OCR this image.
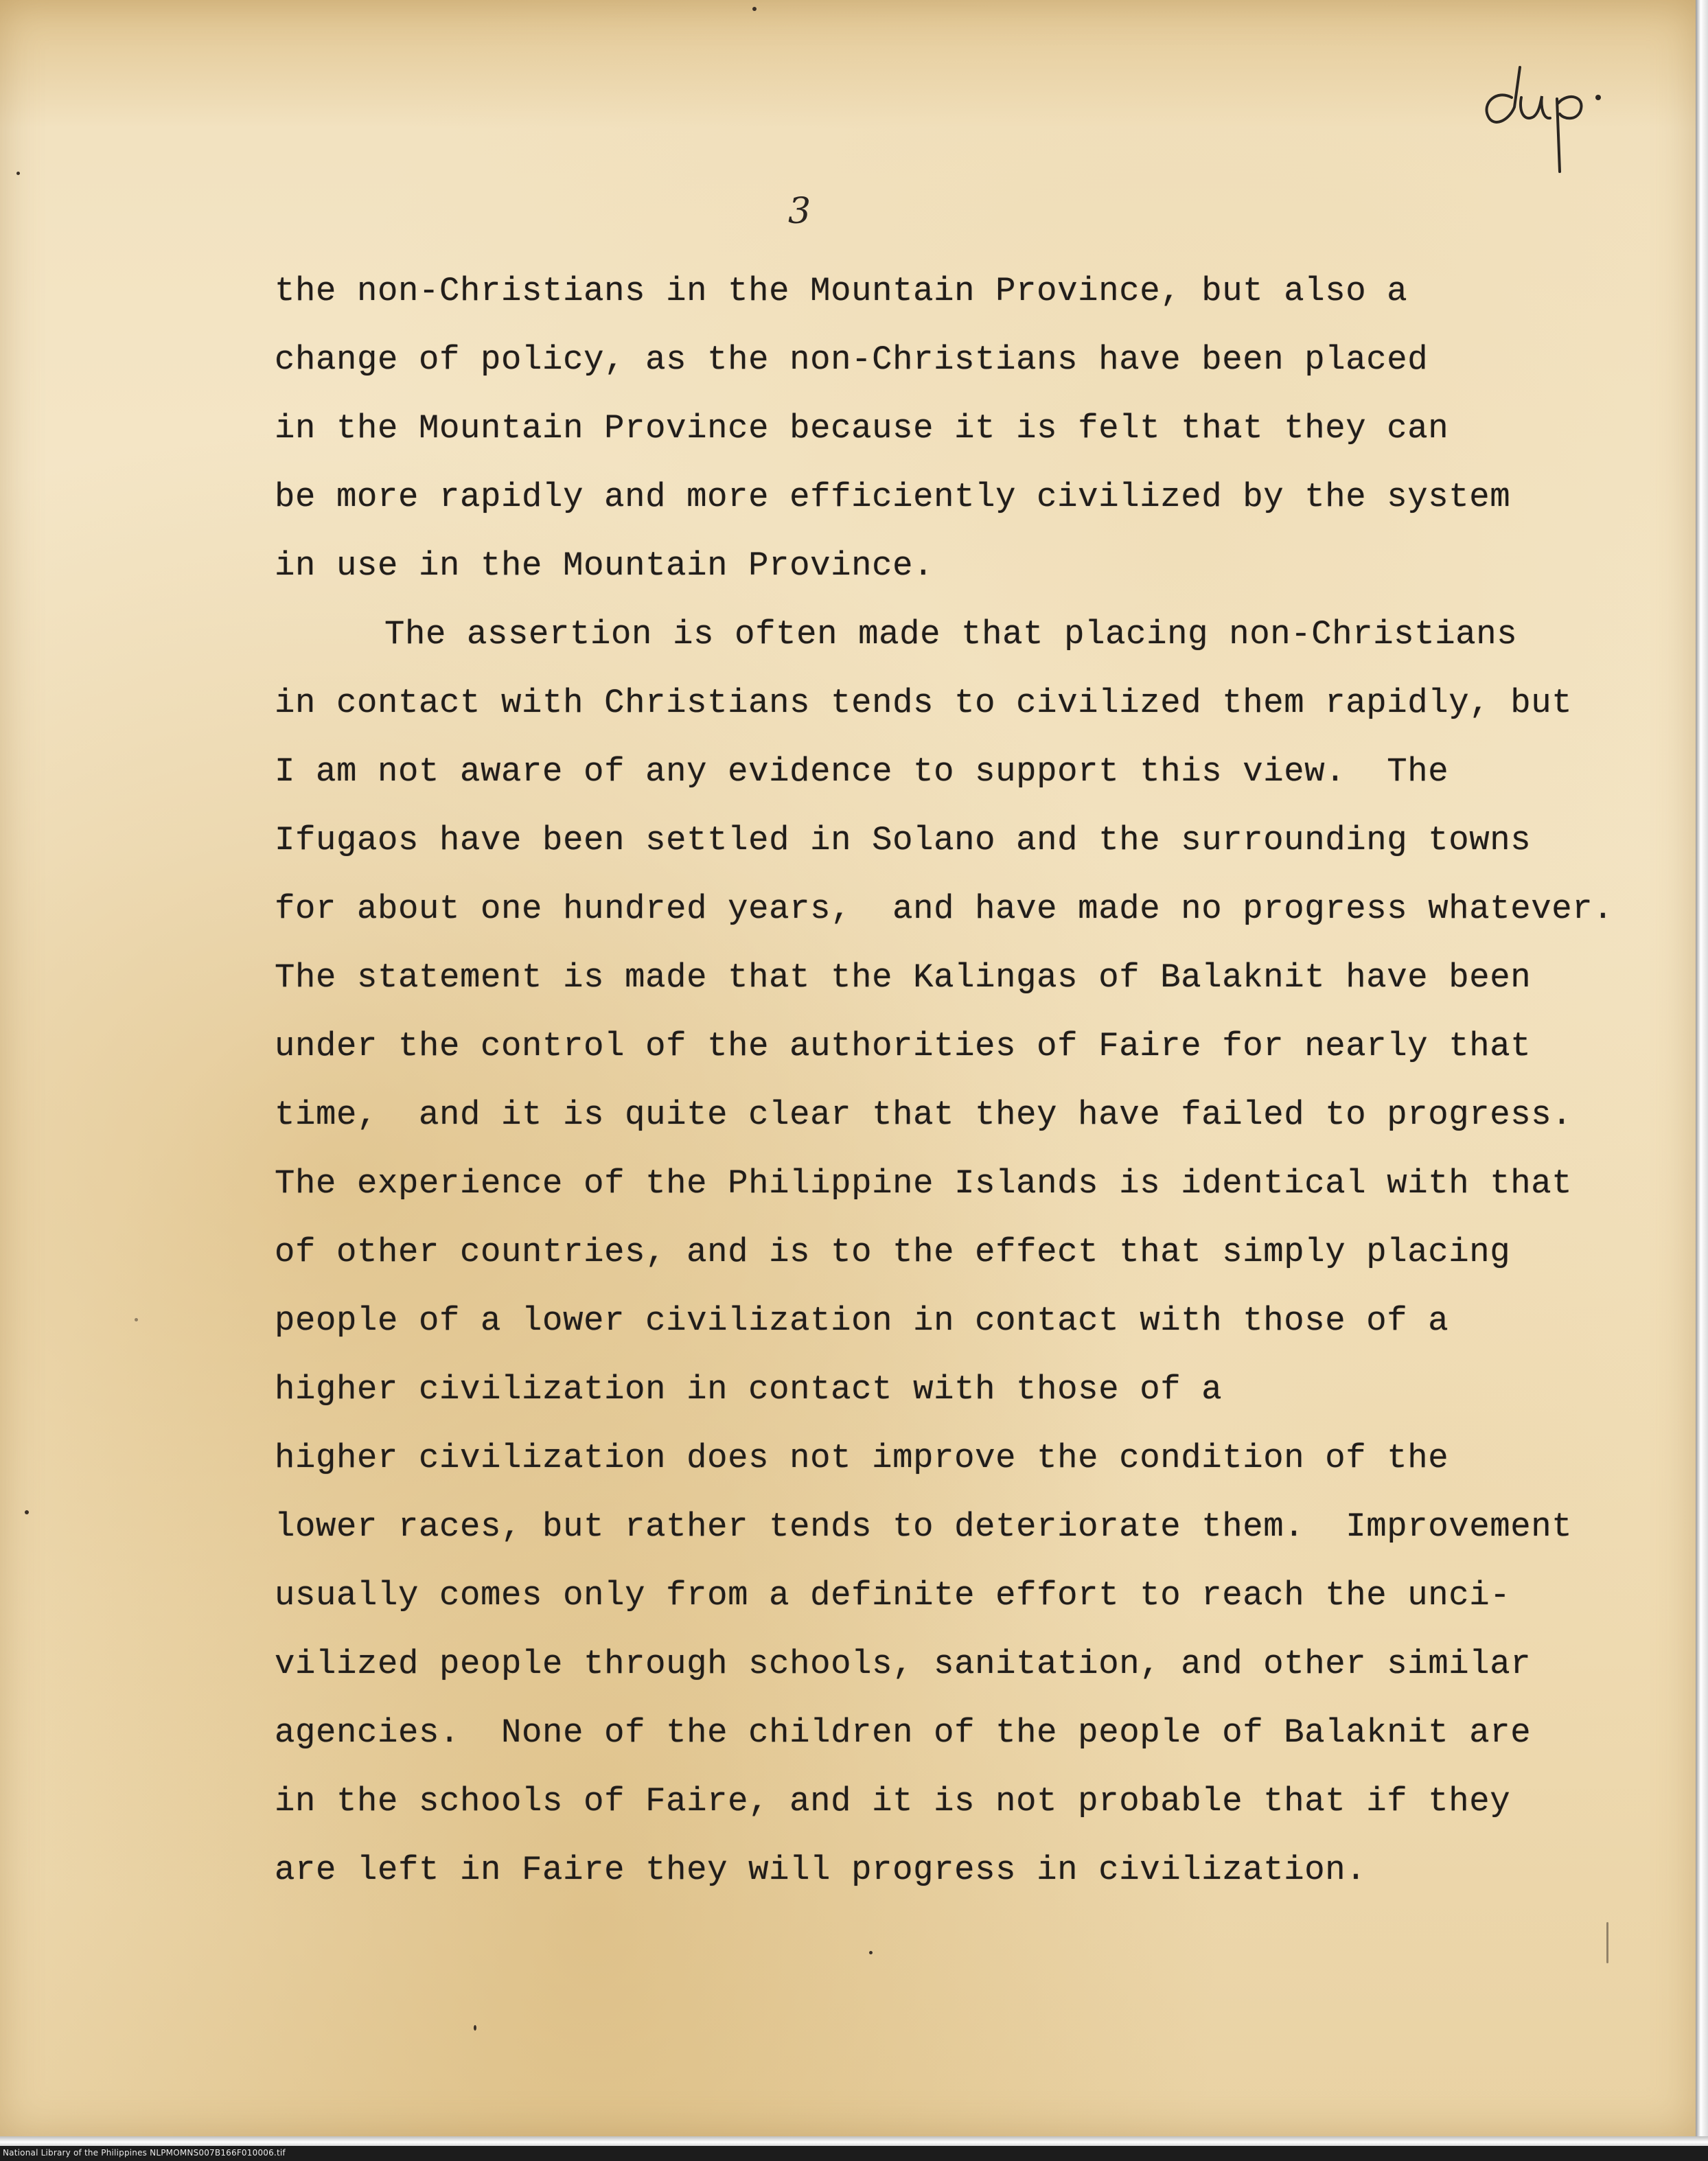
3
the non-Christians in the Mountain Province, but also a
change of policy, as the non-Christians have been placed
in the Mountain Province because it is felt that they can
be more rapidly and more efficiently civilized by the system
in use in the Mountain Province.
The assertion is often made that placing non-Christians
in contact with Christians tends to civilized them rapidly, but
I am not aware of any evidence to support this view.  The
Ifugaos have been settled in Solano and the surrounding towns
for about one hundred years,  and have made no progress whatever.
The statement is made that the Kalingas of Balaknit have been
under the control of the authorities of Faire for nearly that
time,  and it is quite clear that they have failed to progress.
The experience of the Philippine Islands is identical with that
of other countries, and is to the effect that simply placing
people of a lower civilization in contact with those of a
higher civilization in contact with those of a
higher civilization does not improve the condition of the
lower races, but rather tends to deteriorate them.  Improvement
usually comes only from a definite effort to reach the unci-
vilized people through schools, sanitation, and other similar
agencies.  None of the children of the people of Balaknit are
in the schools of Faire, and it is not probable that if they
are left in Faire they will progress in civilization.
National Library of the Philippines NLPMOMNS007B166F010006.tif
